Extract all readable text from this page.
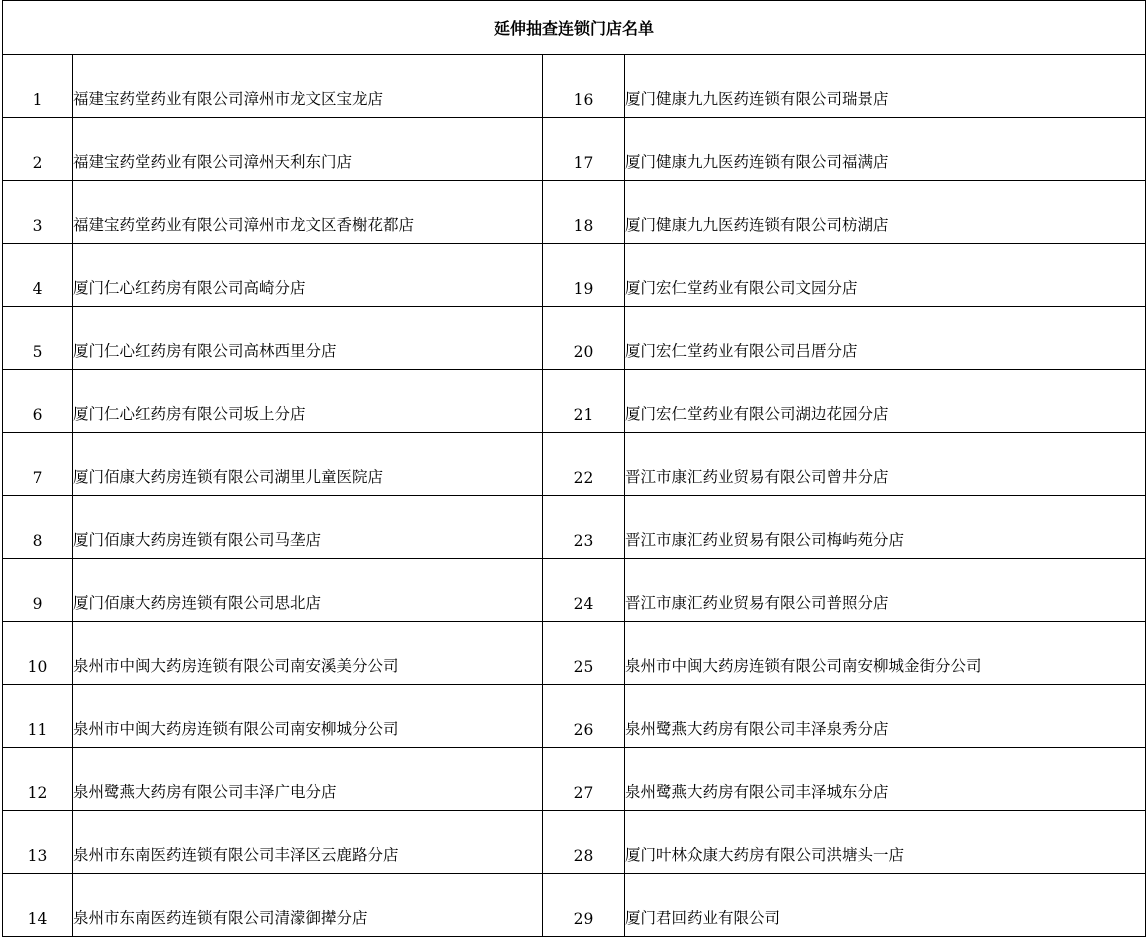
延伸抽查连锁门店名单			
1	福建宝药堂药业有限公司漳州市龙文区宝龙店	16	厦门健康九九医药连锁有限公司瑞景店
2	福建宝药堂药业有限公司漳州天利东门店	17	厦门健康九九医药连锁有限公司福满店
3	福建宝药堂药业有限公司漳州市龙文区香榭花都店	18	厦门健康九九医药连锁有限公司枋湖店
4	厦门仁心红药房有限公司高崎分店	19	厦门宏仁堂药业有限公司文园分店
5	厦门仁心红药房有限公司高林西里分店	20	厦门宏仁堂药业有限公司吕厝分店
6	厦门仁心红药房有限公司坂上分店	21	厦门宏仁堂药业有限公司湖边花园分店
7	厦门佰康大药房连锁有限公司湖里儿童医院店	22	晋江市康汇药业贸易有限公司曾井分店
8	厦门佰康大药房连锁有限公司马垄店	23	晋江市康汇药业贸易有限公司梅屿苑分店
9	厦门佰康大药房连锁有限公司思北店	24	晋江市康汇药业贸易有限公司普照分店
10	泉州市中闽大药房连锁有限公司南安溪美分公司	25	泉州市中闽大药房连锁有限公司南安柳城金街分公司
11	泉州市中闽大药房连锁有限公司南安柳城分公司	26	泉州鹭燕大药房有限公司丰泽泉秀分店
12	泉州鹭燕大药房有限公司丰泽广电分店	27	泉州鹭燕大药房有限公司丰泽城东分店
13	泉州市东南医药连锁有限公司丰泽区云鹿路分店	28	厦门叶林众康大药房有限公司洪塘头一店
14	泉州市东南医药连锁有限公司清濛御撵分店	29	厦门君回药业有限公司
